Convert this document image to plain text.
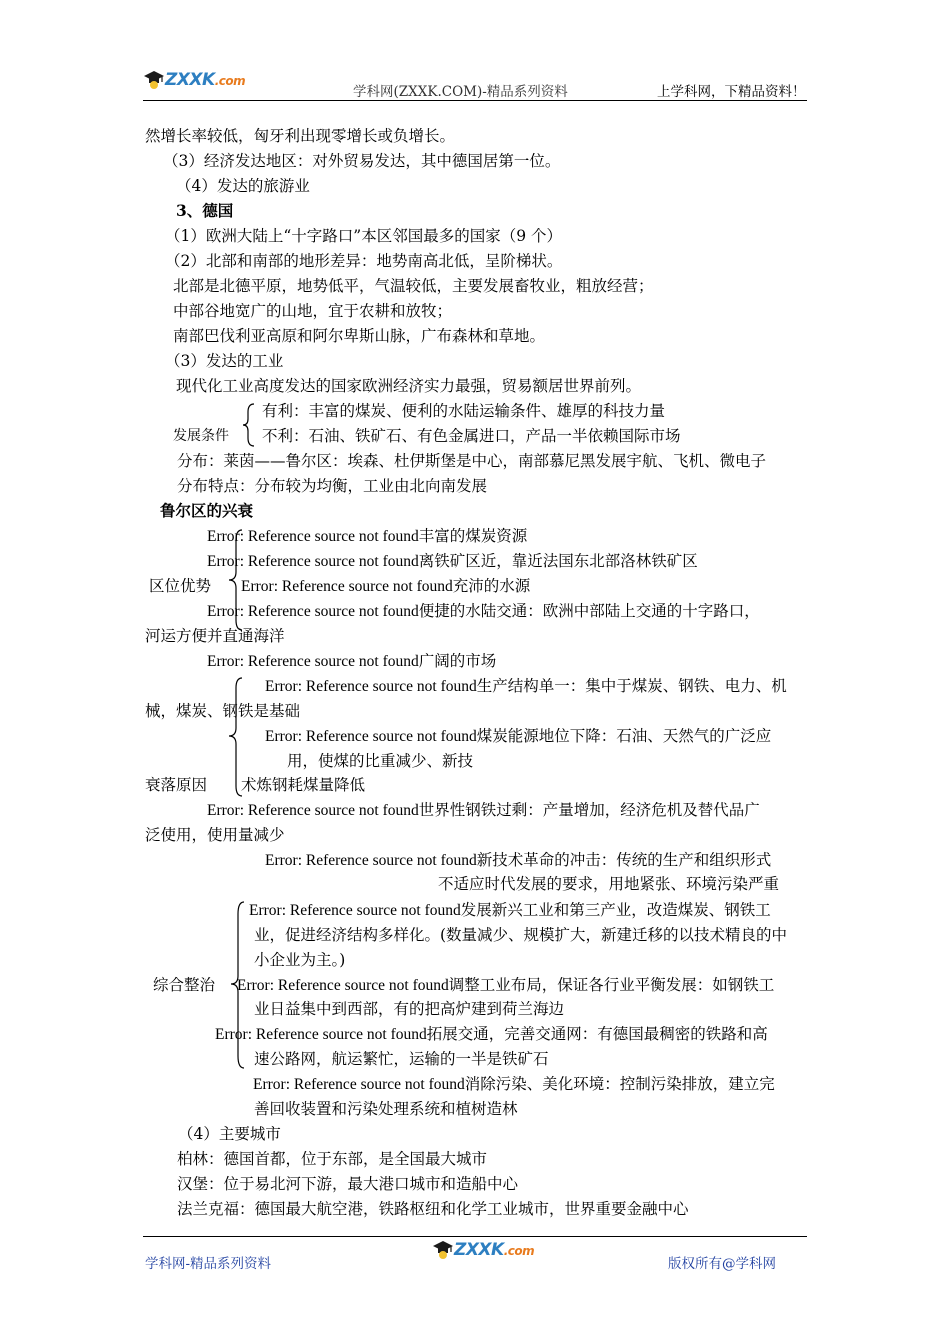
ZXXK.com
学科网(ZXXK.COM)-精品系列资料	上学科网，下精品资料！
然增长率较低，匈牙利出现零增长或负增长。
（3）经济发达地区：对外贸易发达，其中德国居第一位。
（4）发达的旅游业
3、德国
（1）欧洲大陆上“十字路口”本区邻国最多的国家（9 个）
（2）北部和南部的地形差异：地势南高北低，呈阶梯状。
北部是北德平原，地势低平，气温较低，主要发展畜牧业，粗放经营；
中部谷地宽广的山地，宜于农耕和放牧；
南部巴伐利亚高原和阿尔卑斯山脉，广布森林和草地。
（3）发达的工业
现代化工业高度发达的国家欧洲经济实力最强，贸易额居世界前列。
发展条件
有利：丰富的煤炭、便利的水陆运输条件、雄厚的科技力量
不利：石油、铁矿石、有色金属进口，产品一半依赖国际市场
分布：莱茵——鲁尔区：埃森、杜伊斯堡是中心，南部慕尼黑发展宇航、飞机、微电子
分布特点：分布较为均衡，工业由北向南发展
鲁尔区的兴衰
区位优势
Error: Reference source not found丰富的煤炭资源
Error: Reference source not found离铁矿区近，靠近法国东北部洛林铁矿区
Error: Reference source not found充沛的水源
Error: Reference source not found便捷的水陆交通：欧洲中部陆上交通的十字路口，
河运方便并直通海洋
Error: Reference source not found广阔的市场
衰落原因
Error: Reference source not found生产结构单一：集中于煤炭、钢铁、电力、机
械，煤炭、钢铁是基础
Error: Reference source not found煤炭能源地位下降：石油、天然气的广泛应
用，使煤的比重减少、新技
术炼钢耗煤量降低
Error: Reference source not found世界性钢铁过剩：产量增加，经济危机及替代品广
泛使用，使用量减少
Error: Reference source not found新技术革命的冲击：传统的生产和组织形式
不适应时代发展的要求，用地紧张、环境污染严重
综合整治
Error: Reference source not found发展新兴工业和第三产业，改造煤炭、钢铁工
业，促进经济结构多样化。(数量减少、规模扩大，新建迁移的以技术精良的中
小企业为主。)
Error: Reference source not found调整工业布局，保证各行业平衡发展：如钢铁工
业日益集中到西部，有的把高炉建到荷兰海边
Error: Reference source not found拓展交通，完善交通网：有德国最稠密的铁路和高
速公路网，航运繁忙，运输的一半是铁矿石
Error: Reference source not found消除污染、美化环境：控制污染排放，建立完
善回收装置和污染处理系统和植树造林
（4）主要城市
柏林：德国首都，位于东部，是全国最大城市
汉堡：位于易北河下游，最大港口城市和造船中心
法兰克福：德国最大航空港，铁路枢纽和化学工业城市，世界重要金融中心
学科网-精品系列资料
ZXXK.com
版权所有@学科网
